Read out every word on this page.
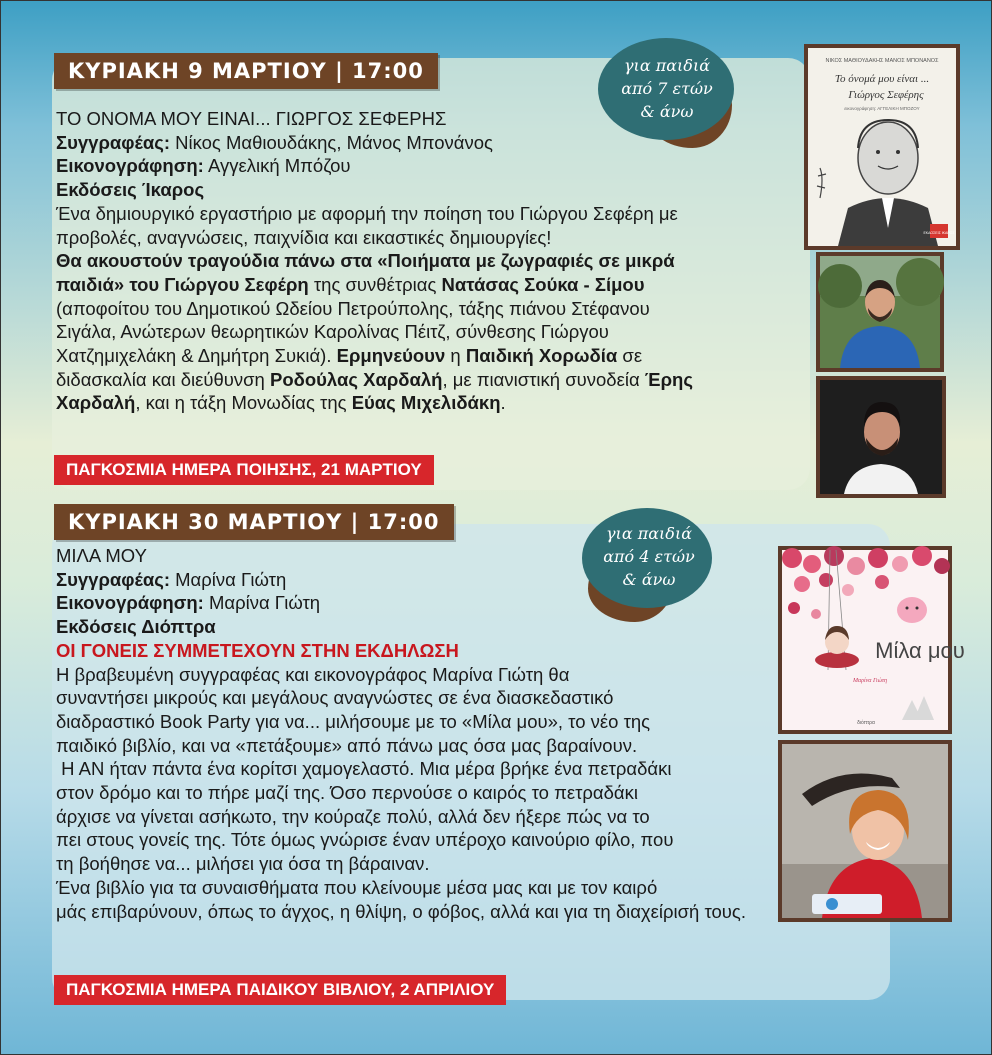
ΚΥΡΙΑΚΗ 9 ΜΑΡΤΙΟΥ | 17:00	για παιδιά
από 7 ετών
& άνω
ΤΟ ΟΝΟΜΑ ΜΟΥ ΕΙΝΑΙ... ΓΙΩΡΓΟΣ ΣΕΦΕΡΗΣ
Συγγραφέας: Νίκος Μαθιουδάκης, Μάνος Μπονάνος
Εικονογράφηση: Αγγελική Μπόζου
Εκδόσεις Ίκαρος
Ένα δημιουργικό εργαστήριο με αφορμή την ποίηση του Γιώργου Σεφέρη με
προβολές, αναγνώσεις, παιχνίδια και εικαστικές δημιουργίες!
Θα ακουστούν τραγούδια πάνω στα «Ποιήματα με ζωγραφιές σε μικρά
παιδιά» του Γιώργου Σεφέρη της συνθέτριας Νατάσας Σούκα - Σίμου
(αποφοίτου του Δημοτικού Ωδείου Πετρούπολης, τάξης πιάνου Στέφανου
Σιγάλα, Ανώτερων θεωρητικών Καρολίνας Πέιτζ, σύνθεσης Γιώργου
Χατζημιχελάκη & Δημήτρη Συκιά). Ερμηνεύουν η Παιδική Χορωδία σε
διδασκαλία και διεύθυνση Ροδούλας Χαρδαλή, με πιανιστική συνοδεία Έρης
Χαρδαλή, και η τάξη Μονωδίας της Εύας Μιχελιδάκη.
ΠΑΓΚΟΣΜΙΑ ΗΜΕΡΑ ΠΟΙΗΣΗΣ, 21 ΜΑΡΤΙΟΥ
ΝΙΚΟΣ ΜΑΘΙΟΥΔΑΚΗΣ ΜΑΝΟΣ ΜΠΟΝΑΝΟΣ
Το όνομά μου είναι ...
Γιώργος Σεφέρης
εικονογράφηση: ΑΓΓΕΛΙΚΗ ΜΠΟΖΟΥ
ΕΚΔΟΣΕΙΣ ΙΚΑΡΟΣ
ΚΥΡΙΑΚΗ 30 ΜΑΡΤΙΟΥ | 17:00	για παιδιά
από 4 ετών
& άνω
ΜΙΛΑ ΜΟΥ
Συγγραφέας: Μαρίνα Γιώτη
Εικονογράφηση: Μαρίνα Γιώτη
Εκδόσεις Διόπτρα
ΟΙ ΓΟΝΕΙΣ ΣΥΜΜΕΤΕΧΟΥΝ ΣΤΗΝ ΕΚΔΗΛΩΣΗ
Η βραβευμένη συγγραφέας και εικονογράφος Μαρίνα Γιώτη θα
συναντήσει μικρούς και μεγάλους αναγνώστες σε ένα διασκεδαστικό
διαδραστικό Book Party για να... μιλήσουμε με το «Μίλα μου», το νέο της
παιδικό βιβλίο, και να «πετάξουμε» από πάνω μας όσα μας βαραίνουν.
Η ΑΝ ήταν πάντα ένα κορίτσι χαμογελαστό. Μια μέρα βρήκε ένα πετραδάκι
στον δρόμο και το πήρε μαζί της. Όσο περνούσε ο καιρός το πετραδάκι
άρχισε να γίνεται ασήκωτο, την κούραζε πολύ, αλλά δεν ήξερε πώς να το
πει στους γονείς της. Τότε όμως γνώρισε έναν υπέροχο καινούριο φίλο, που
τη βοήθησε να... μιλήσει για όσα τη βάραιναν.
Ένα βιβλίο για τα συναισθήματα που κλείνουμε μέσα μας και με τον καιρό
μάς επιβαρύνουν, όπως το άγχος, η θλίψη, ο φόβος, αλλά και για τη διαχείρισή τους.
ΠΑΓΚΟΣΜΙΑ ΗΜΕΡΑ ΠΑΙΔΙΚΟΥ ΒΙΒΛΙΟΥ, 2 ΑΠΡΙΛΙΟΥ
Μίλα μου
Μαρίνα Γιώτη
διόπτρα
